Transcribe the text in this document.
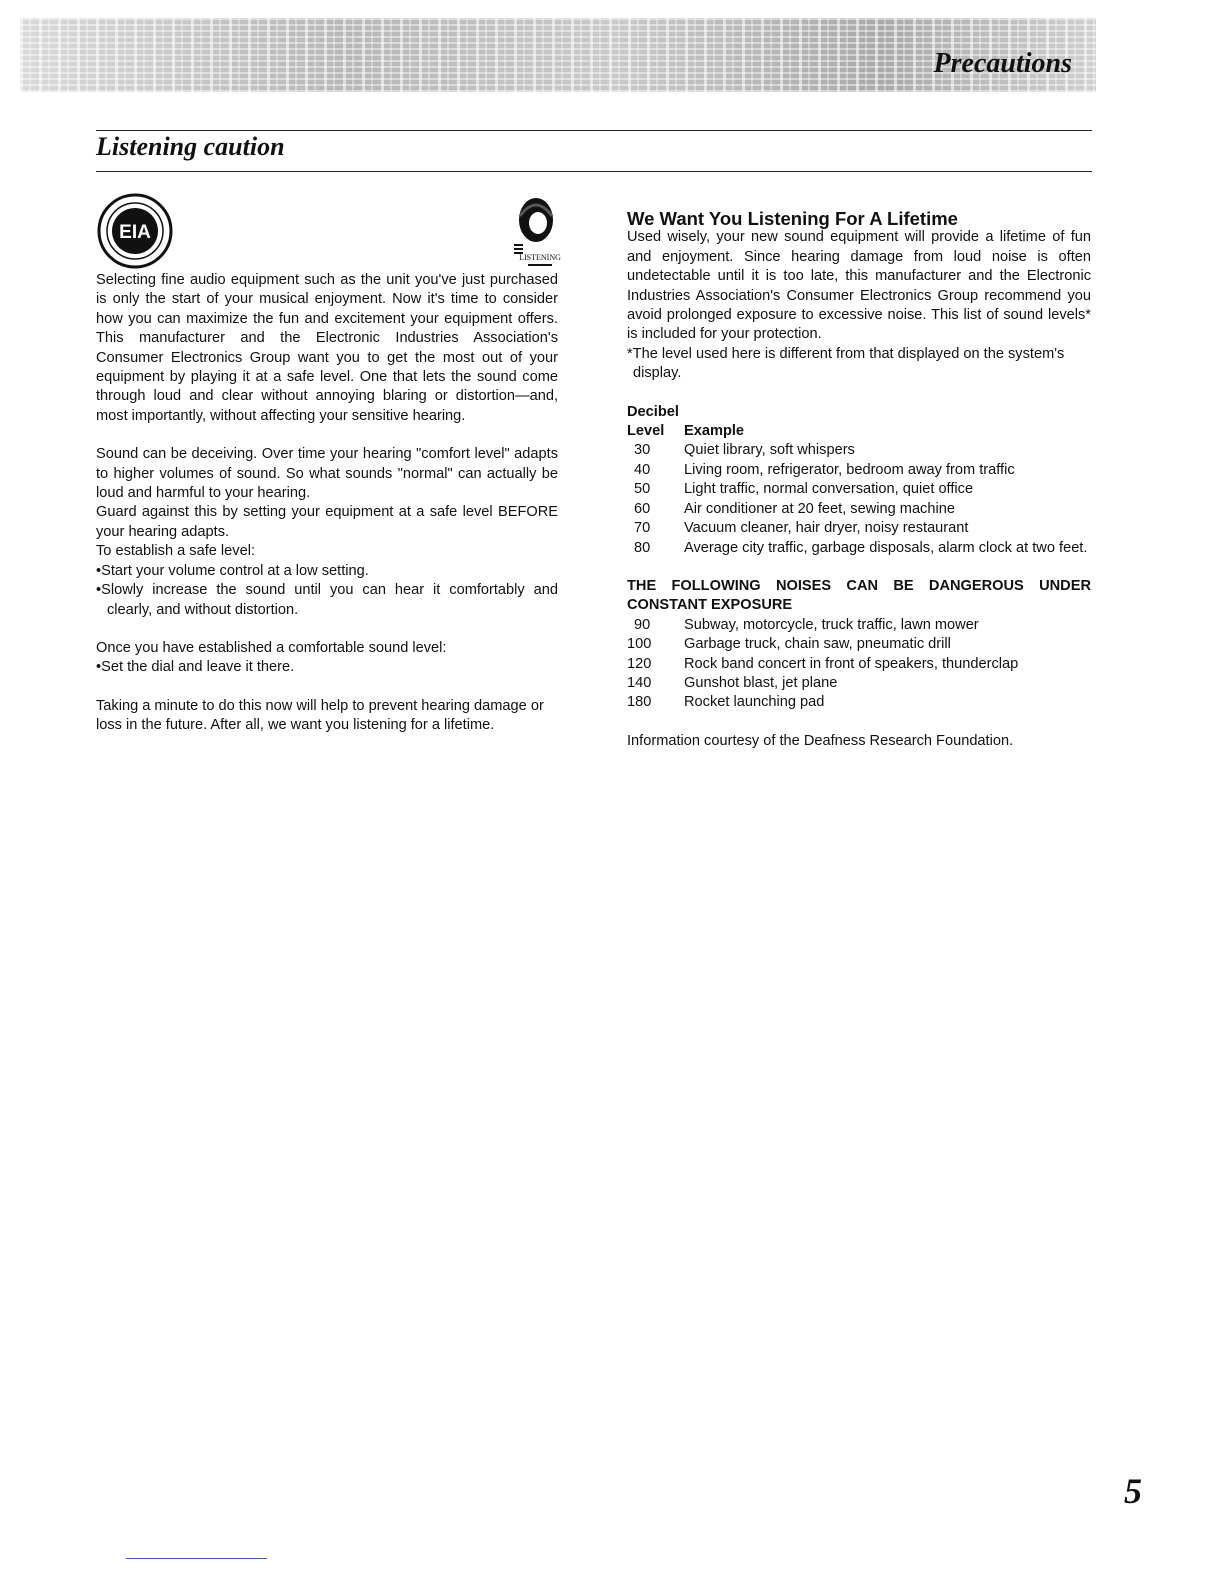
Precautions
Listening caution
EIA
LISTENING

Selecting fine audio equipment such as the unit you've just purchased is only the start of your musical enjoyment. Now it's time to consider how you can maximize the fun and excitement your equipment offers. This manufacturer and the Electronic Industries Association's Consumer Electronics Group want you to get the most out of your equipment by playing it at a safe level. One that lets the sound come through loud and clear without annoying blaring or distortion—and, most importantly, without affecting your sensitive hearing.

Sound can be deceiving. Over time your hearing "comfort level" adapts to higher volumes of sound. So what sounds "normal" can actually be loud and harmful to your hearing.

Guard against this by setting your equipment at a safe level BEFORE your hearing adapts.

To establish a safe level:

•Start your volume control at a low setting.

•Slowly increase the sound until you can hear it comfortably and clearly, and without distortion.

Once you have established a comfortable sound level:

•Set the dial and leave it there.

Taking a minute to do this now will help to prevent hearing damage or loss in the future. After all, we want you listening for a lifetime.

We Want You Listening For A Lifetime

Used wisely, your new sound equipment will provide a lifetime of fun and enjoyment. Since hearing damage from loud noise is often undetectable until it is too late, this manufacturer and the Electronic Industries Association's Consumer Electronics Group recommend you avoid prolonged exposure to excessive noise. This list of sound levels* is included for your protection.

*The level used here is different from that displayed on the system's display.

Decibel

Level	Example
30	Quiet library, soft whispers
40	Living room, refrigerator, bedroom away from traffic
50	Light traffic, normal conversation, quiet office
60	Air conditioner at 20 feet, sewing machine
70	Vacuum cleaner, hair dryer, noisy restaurant
80	Average city traffic, garbage disposals, alarm clock at two feet.

THE FOLLOWING NOISES CAN BE DANGEROUS UNDER CONSTANT EXPOSURE

90	Subway, motorcycle, truck traffic, lawn mower
100	Garbage truck, chain saw, pneumatic drill
120	Rock band concert in front of speakers, thunderclap
140	Gunshot blast, jet plane
180	Rocket launching pad

Information courtesy of the Deafness Research Foundation.

5
